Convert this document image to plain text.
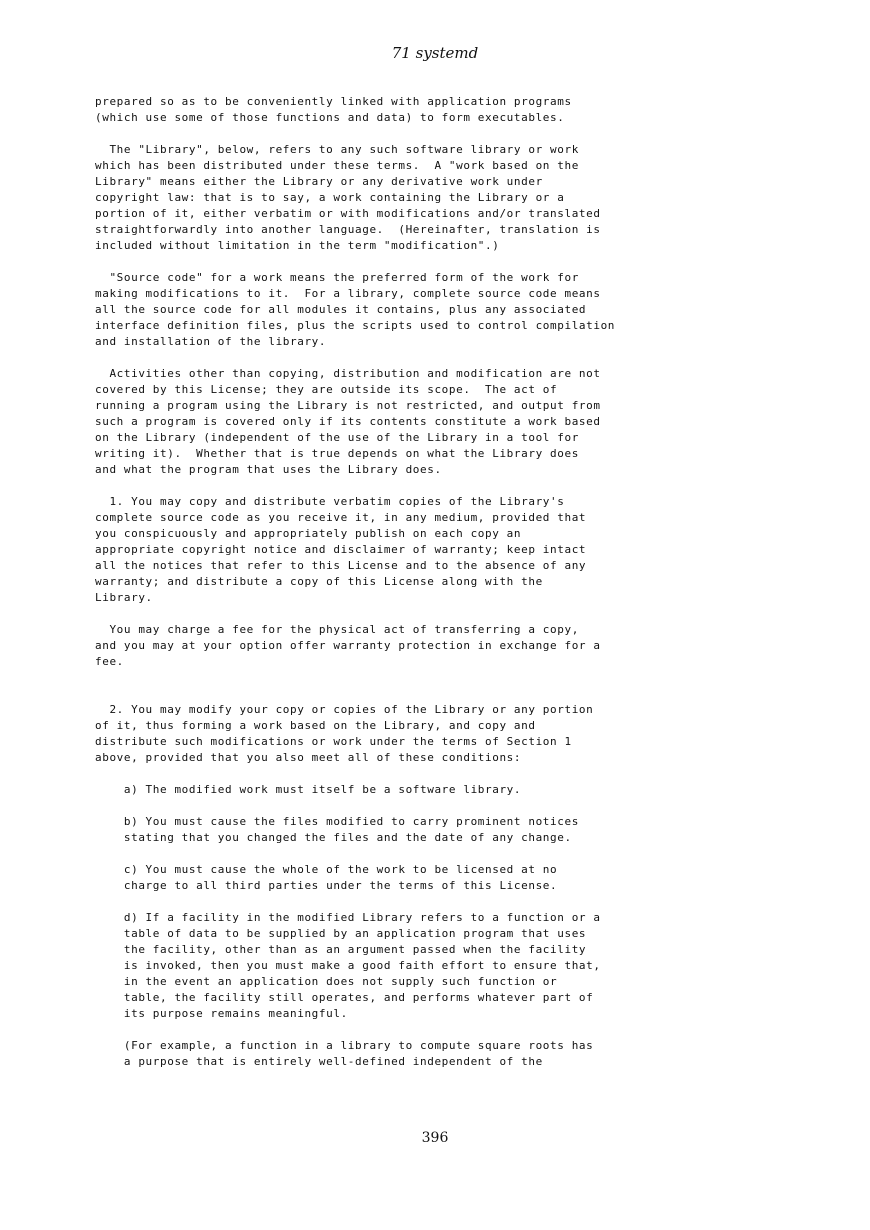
71 systemd
prepared so as to be conveniently linked with application programs
(which use some of those functions and data) to form executables.
The "Library", below, refers to any such software library or work
which has been distributed under these terms.  A "work based on the
Library" means either the Library or any derivative work under
copyright law: that is to say, a work containing the Library or a
portion of it, either verbatim or with modifications and/or translated
straightforwardly into another language.  (Hereinafter, translation is
included without limitation in the term "modification".)
"Source code" for a work means the preferred form of the work for
making modifications to it.  For a library, complete source code means
all the source code for all modules it contains, plus any associated
interface definition files, plus the scripts used to control compilation
and installation of the library.
Activities other than copying, distribution and modification are not
covered by this License; they are outside its scope.  The act of
running a program using the Library is not restricted, and output from
such a program is covered only if its contents constitute a work based
on the Library (independent of the use of the Library in a tool for
writing it).  Whether that is true depends on what the Library does
and what the program that uses the Library does.
1. You may copy and distribute verbatim copies of the Library's
complete source code as you receive it, in any medium, provided that
you conspicuously and appropriately publish on each copy an
appropriate copyright notice and disclaimer of warranty; keep intact
all the notices that refer to this License and to the absence of any
warranty; and distribute a copy of this License along with the
Library.
You may charge a fee for the physical act of transferring a copy,
and you may at your option offer warranty protection in exchange for a
fee.
2. You may modify your copy or copies of the Library or any portion
of it, thus forming a work based on the Library, and copy and
distribute such modifications or work under the terms of Section 1
above, provided that you also meet all of these conditions:
a) The modified work must itself be a software library.
b) You must cause the files modified to carry prominent notices
stating that you changed the files and the date of any change.
c) You must cause the whole of the work to be licensed at no
charge to all third parties under the terms of this License.
d) If a facility in the modified Library refers to a function or a
table of data to be supplied by an application program that uses
the facility, other than as an argument passed when the facility
is invoked, then you must make a good faith effort to ensure that,
in the event an application does not supply such function or
table, the facility still operates, and performs whatever part of
its purpose remains meaningful.
(For example, a function in a library to compute square roots has
a purpose that is entirely well-defined independent of the
396
